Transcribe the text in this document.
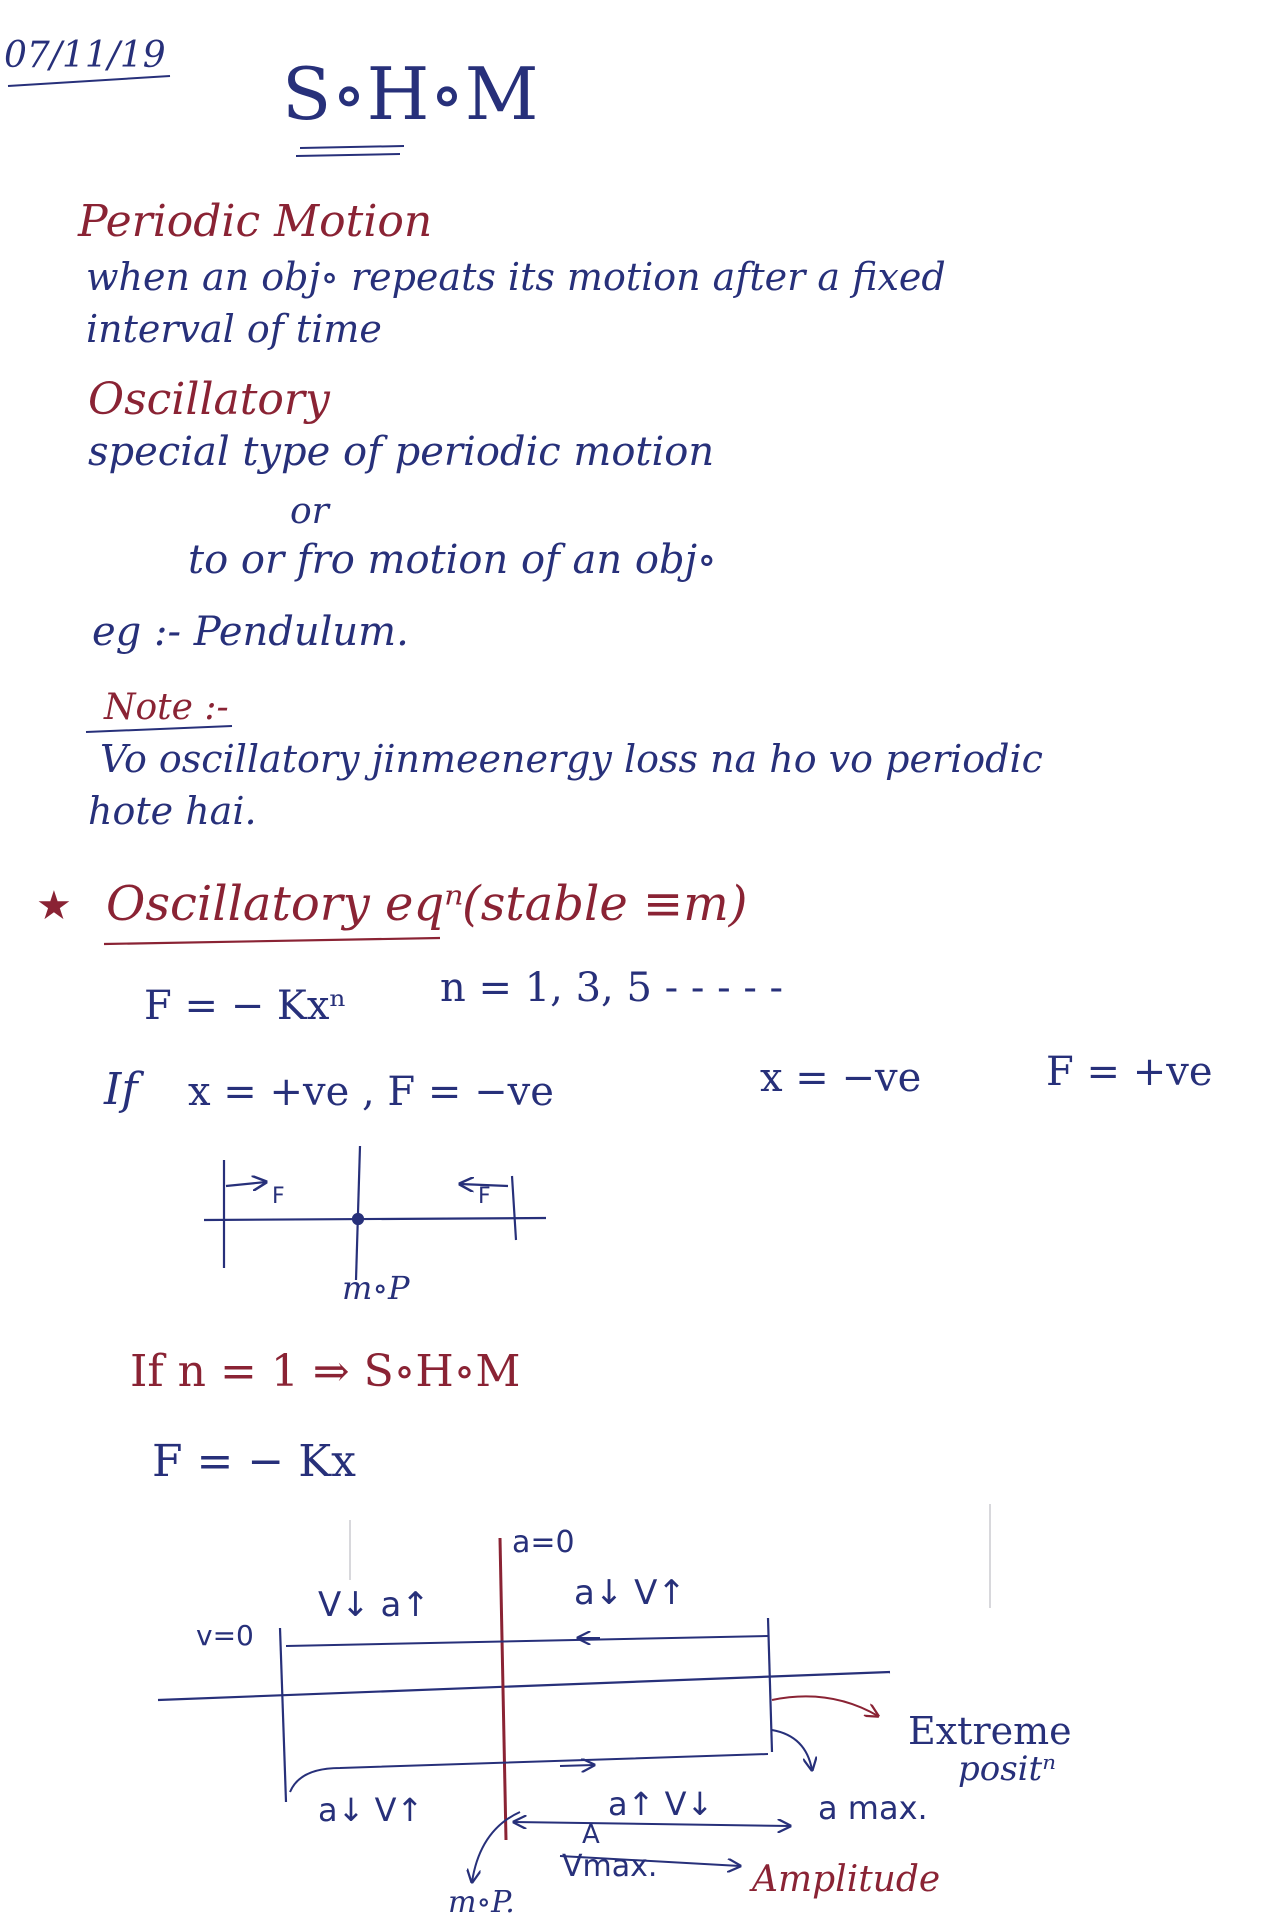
07/11/19 S∘H∘M
Periodic Motion
when an obj∘ repeats its motion after a fixed
interval of time
Oscillatory
special type of periodic motion
or
to or fro motion of an obj∘
eg :- Pendulum.
Note :-
Vo oscillatory jinmeenergy loss na ho vo periodic
hote hai.
★ Oscillatory eqⁿ
(stable ≡m)
F = − Kxⁿ n = 1, 3, 5 - - - - -
If x = +ve , F = −ve	x = −ve	F = +ve
F	F
m∘P
If n = 1 ⇒ S∘H∘M
F = − Kx
a=0
v=0
V↓ a↑	a↓ V↑
a↓ V↑	a↑ V↓
Extreme
positⁿ
a max.
A
Vmax.	Amplitude
m∘P.
